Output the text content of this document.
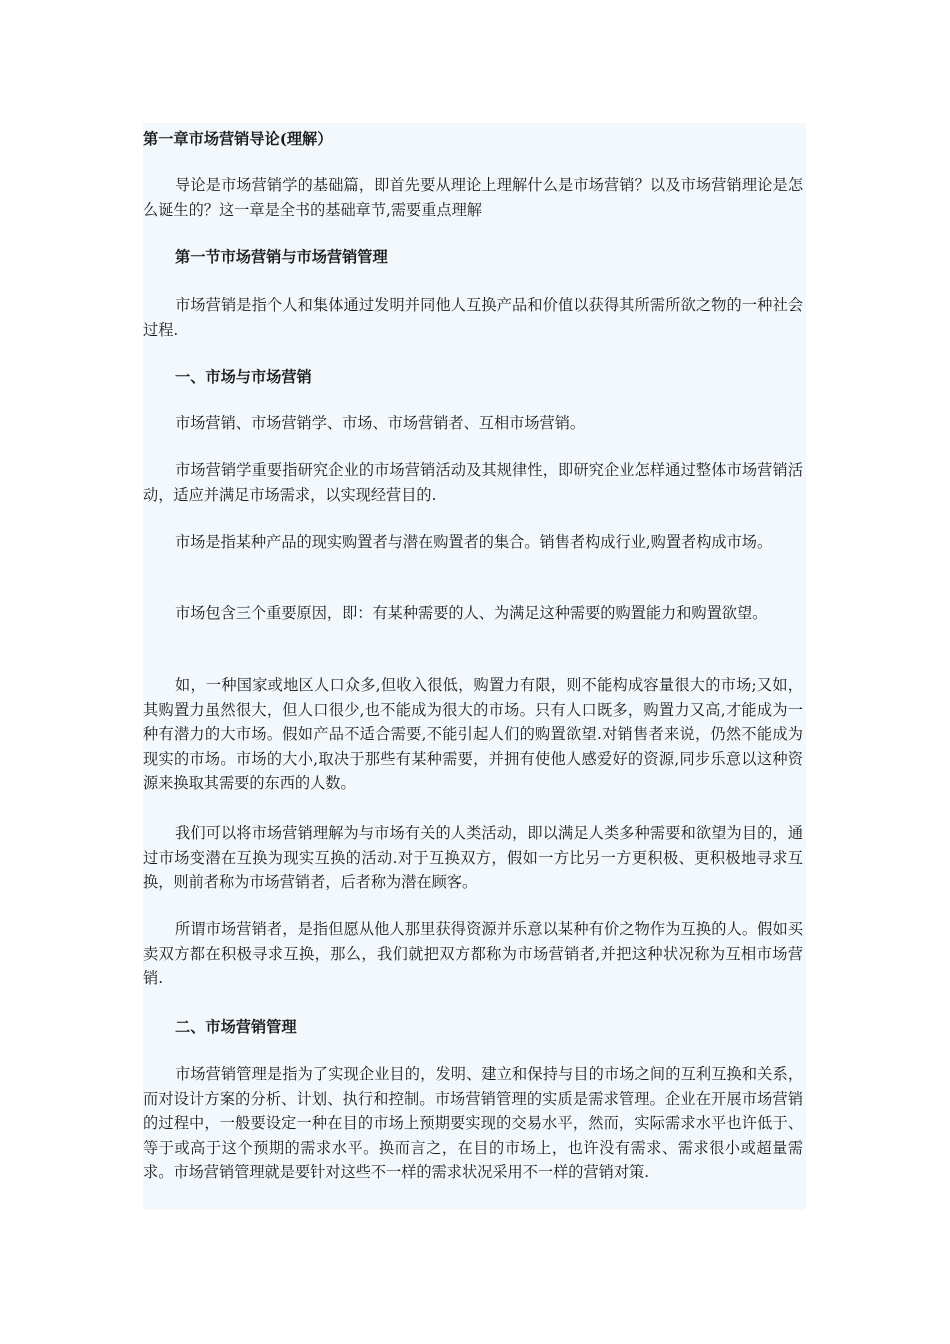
第一章市场营销导论(理解）

导论是市场营销学的基础篇，即首先要从理论上理解什么是市场营销？以及市场营销理论是怎么诞生的？这一章是全书的基础章节,需要重点理解

第一节市场营销与市场营销管理

市场营销是指个人和集体通过发明并同他人互换产品和价值以获得其所需所欲之物的一种社会过程.

一、市场与市场营销

市场营销、市场营销学、市场、市场营销者、互相市场营销。

市场营销学重要指研究企业的市场营销活动及其规律性，即研究企业怎样通过整体市场营销活动，适应并满足市场需求，以实现经营目的.

市场是指某种产品的现实购置者与潜在购置者的集合。销售者构成行业,购置者构成市场。

市场包含三个重要原因，即：有某种需要的人、为满足这种需要的购置能力和购置欲望。

如，一种国家或地区人口众多,但收入很低，购置力有限，则不能构成容量很大的市场;又如，其购置力虽然很大，但人口很少,也不能成为很大的市场。只有人口既多，购置力又高,才能成为一种有潜力的大市场。假如产品不适合需要,不能引起人们的购置欲望.对销售者来说，仍然不能成为现实的市场。市场的大小,取决于那些有某种需要，并拥有使他人感爱好的资源,同步乐意以这种资源来换取其需要的东西的人数。

我们可以将市场营销理解为与市场有关的人类活动，即以满足人类多种需要和欲望为目的，通过市场变潜在互换为现实互换的活动.对于互换双方，假如一方比另一方更积极、更积极地寻求互换，则前者称为市场营销者，后者称为潜在顾客。

所谓市场营销者，是指但愿从他人那里获得资源并乐意以某种有价之物作为互换的人。假如买卖双方都在积极寻求互换，那么，我们就把双方都称为市场营销者,并把这种状况称为互相市场营销.

二、市场营销管理

市场营销管理是指为了实现企业目的，发明、建立和保持与目的市场之间的互利互换和关系，而对设计方案的分析、计划、执行和控制。市场营销管理的实质是需求管理。企业在开展市场营销的过程中，一般要设定一种在目的市场上预期要实现的交易水平，然而，实际需求水平也许低于、等于或高于这个预期的需求水平。换而言之，在目的市场上，也许没有需求、需求很小或超量需求。市场营销管理就是要针对这些不一样的需求状况采用不一样的营销对策.
